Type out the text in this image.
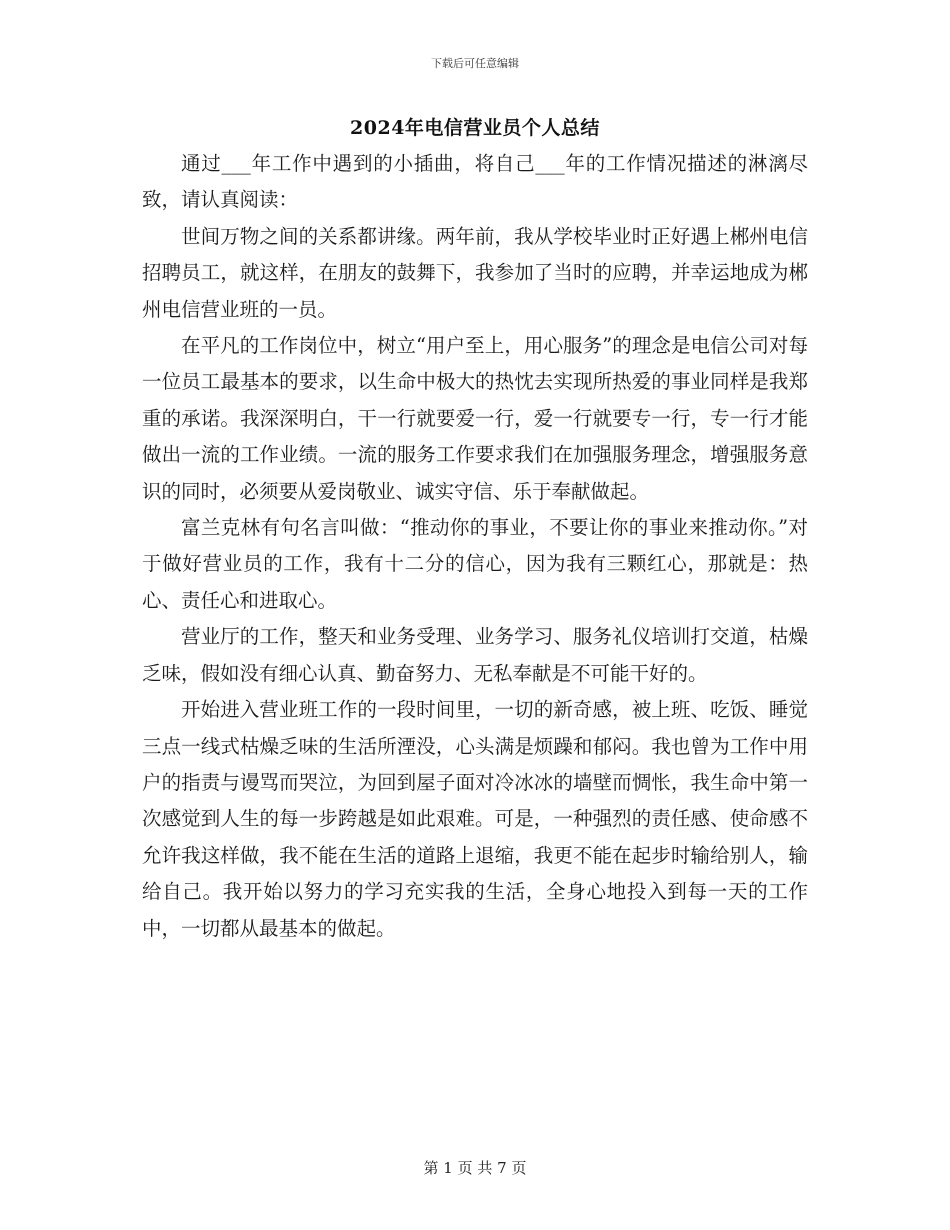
下载后可任意编辑
2024年电信营业员个人总结

通过___年工作中遇到的小插曲，将自己___年的工作情况描述的淋漓尽致，请认真阅读：

世间万物之间的关系都讲缘。两年前，我从学校毕业时正好遇上郴州电信招聘员工，就这样，在朋友的鼓舞下，我参加了当时的应聘，并幸运地成为郴州电信营业班的一员。

在平凡的工作岗位中，树立“用户至上，用心服务”的理念是电信公司对每一位员工最基本的要求，以生命中极大的热忱去实现所热爱的事业同样是我郑重的承诺。我深深明白，干一行就要爱一行，爱一行就要专一行，专一行才能做出一流的工作业绩。一流的服务工作要求我们在加强服务理念，增强服务意识的同时，必须要从爱岗敬业、诚实守信、乐于奉献做起。

富兰克林有句名言叫做：“推动你的事业，不要让你的事业来推动你。”对于做好营业员的工作，我有十二分的信心，因为我有三颗红心，那就是：热心、责任心和进取心。

营业厅的工作，整天和业务受理、业务学习、服务礼仪培训打交道，枯燥乏味，假如没有细心认真、勤奋努力、无私奉献是不可能干好的。

开始进入营业班工作的一段时间里，一切的新奇感，被上班、吃饭、睡觉三点一线式枯燥乏味的生活所湮没，心头满是烦躁和郁闷。我也曾为工作中用户的指责与谩骂而哭泣，为回到屋子面对冷冰冰的墙壁而惆怅，我生命中第一次感觉到人生的每一步跨越是如此艰难。可是，一种强烈的责任感、使命感不允许我这样做，我不能在生活的道路上退缩，我更不能在起步时输给别人，输给自己。我开始以努力的学习充实我的生活，全身心地投入到每一天的工作中，一切都从最基本的做起。

第 1 页 共 7 页
